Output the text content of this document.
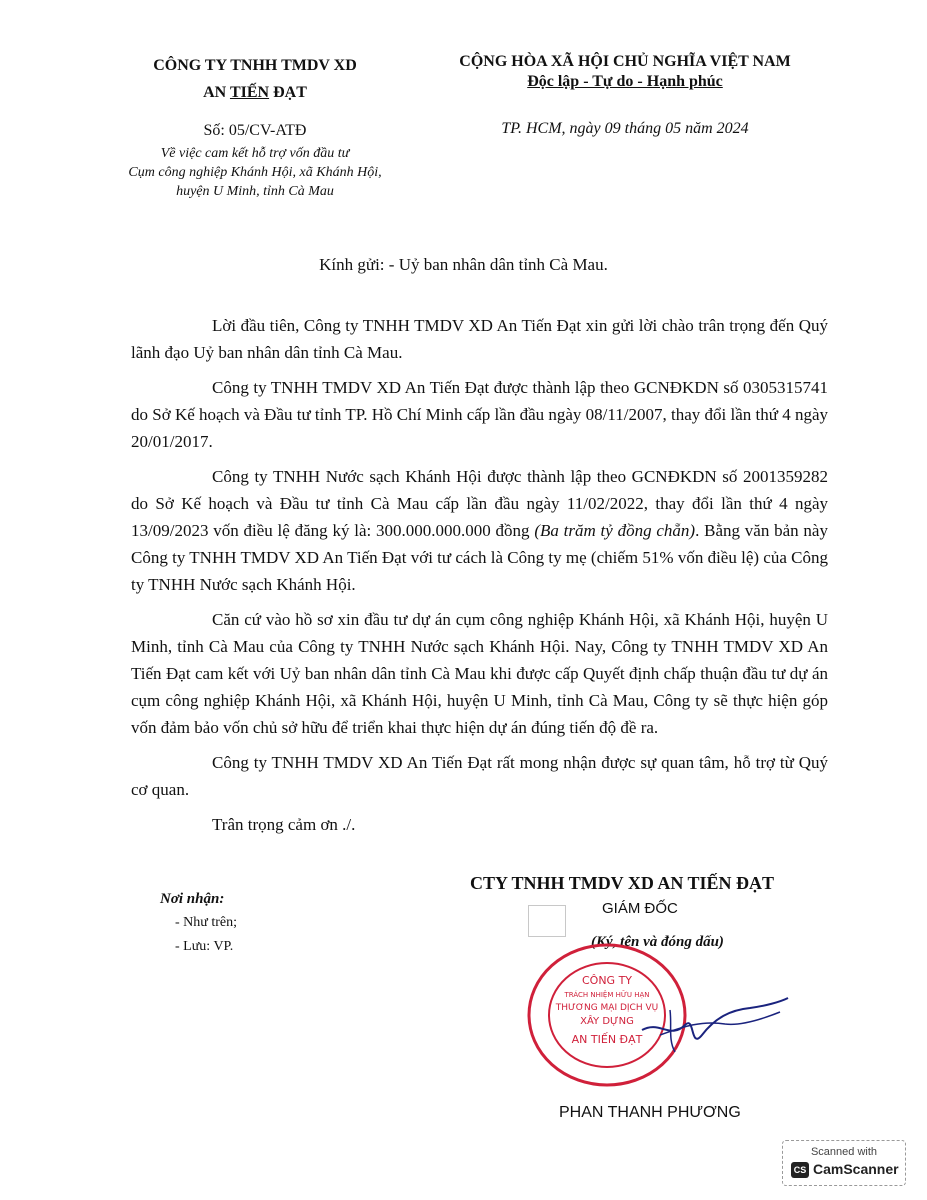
CÔNG TY TNHH TMDV XD
AN TIẾN ĐẠT
CỘNG HÒA XÃ HỘI CHỦ NGHĨA VIỆT NAM
Độc lập - Tự do - Hạnh phúc
Số: 05/CV-ATĐ
Về việc cam kết hỗ trợ vốn đầu tư
Cụm công nghiệp Khánh Hội, xã Khánh Hội,
huyện U Minh, tỉnh Cà Mau
TP. HCM, ngày 09 tháng 05 năm 2024
Kính gửi: - Uỷ ban nhân dân tỉnh Cà Mau.

Lời đầu tiên, Công ty TNHH TMDV XD An Tiến Đạt xin gửi lời chào trân trọng đến Quý lãnh đạo Uỷ ban nhân dân tỉnh Cà Mau.

Công ty TNHH TMDV XD An Tiến Đạt được thành lập theo GCNĐKDN số 0305315741 do Sở Kế hoạch và Đầu tư tỉnh TP. Hồ Chí Minh cấp lần đầu ngày 08/11/2007, thay đổi lần thứ 4 ngày 20/01/2017.

Công ty TNHH Nước sạch Khánh Hội được thành lập theo GCNĐKDN số 2001359282 do Sở Kế hoạch và Đầu tư tỉnh Cà Mau cấp lần đầu ngày 11/02/2022, thay đổi lần thứ 4 ngày 13/09/2023 vốn điều lệ đăng ký là: 300.000.000.000 đồng (Ba trăm tỷ đồng chẵn). Bằng văn bản này Công ty TNHH TMDV XD An Tiến Đạt với tư cách là Công ty mẹ (chiếm 51% vốn điều lệ) của Công ty TNHH Nước sạch Khánh Hội.

Căn cứ vào hồ sơ xin đầu tư dự án cụm công nghiệp Khánh Hội, xã Khánh Hội, huyện U Minh, tỉnh Cà Mau của Công ty TNHH Nước sạch Khánh Hội. Nay, Công ty TNHH TMDV XD An Tiến Đạt cam kết với Uỷ ban nhân dân tỉnh Cà Mau khi được cấp Quyết định chấp thuận đầu tư dự án cụm công nghiệp Khánh Hội, xã Khánh Hội, huyện U Minh, tỉnh Cà Mau, Công ty sẽ thực hiện góp vốn đảm bảo vốn chủ sở hữu để triển khai thực hiện dự án đúng tiến độ đề ra.

Công ty TNHH TMDV XD An Tiến Đạt rất mong nhận được sự quan tâm, hỗ trợ từ Quý cơ quan.

Trân trọng cảm ơn ./.

Nơi nhận:
- Như trên;
- Lưu: VP.
CTY TNHH TMDV XD AN TIẾN ĐẠT
GIÁM ĐỐC
(Ký, tên và đóng dấu)
CÔNG TY
TRÁCH NHIỆM HỮU HẠN
THƯƠNG MẠI DỊCH VỤ
XÂY DỰNG
AN TIẾN ĐẠT
PHAN THANH PHƯƠNG
Scanned with
CS CamScanner
